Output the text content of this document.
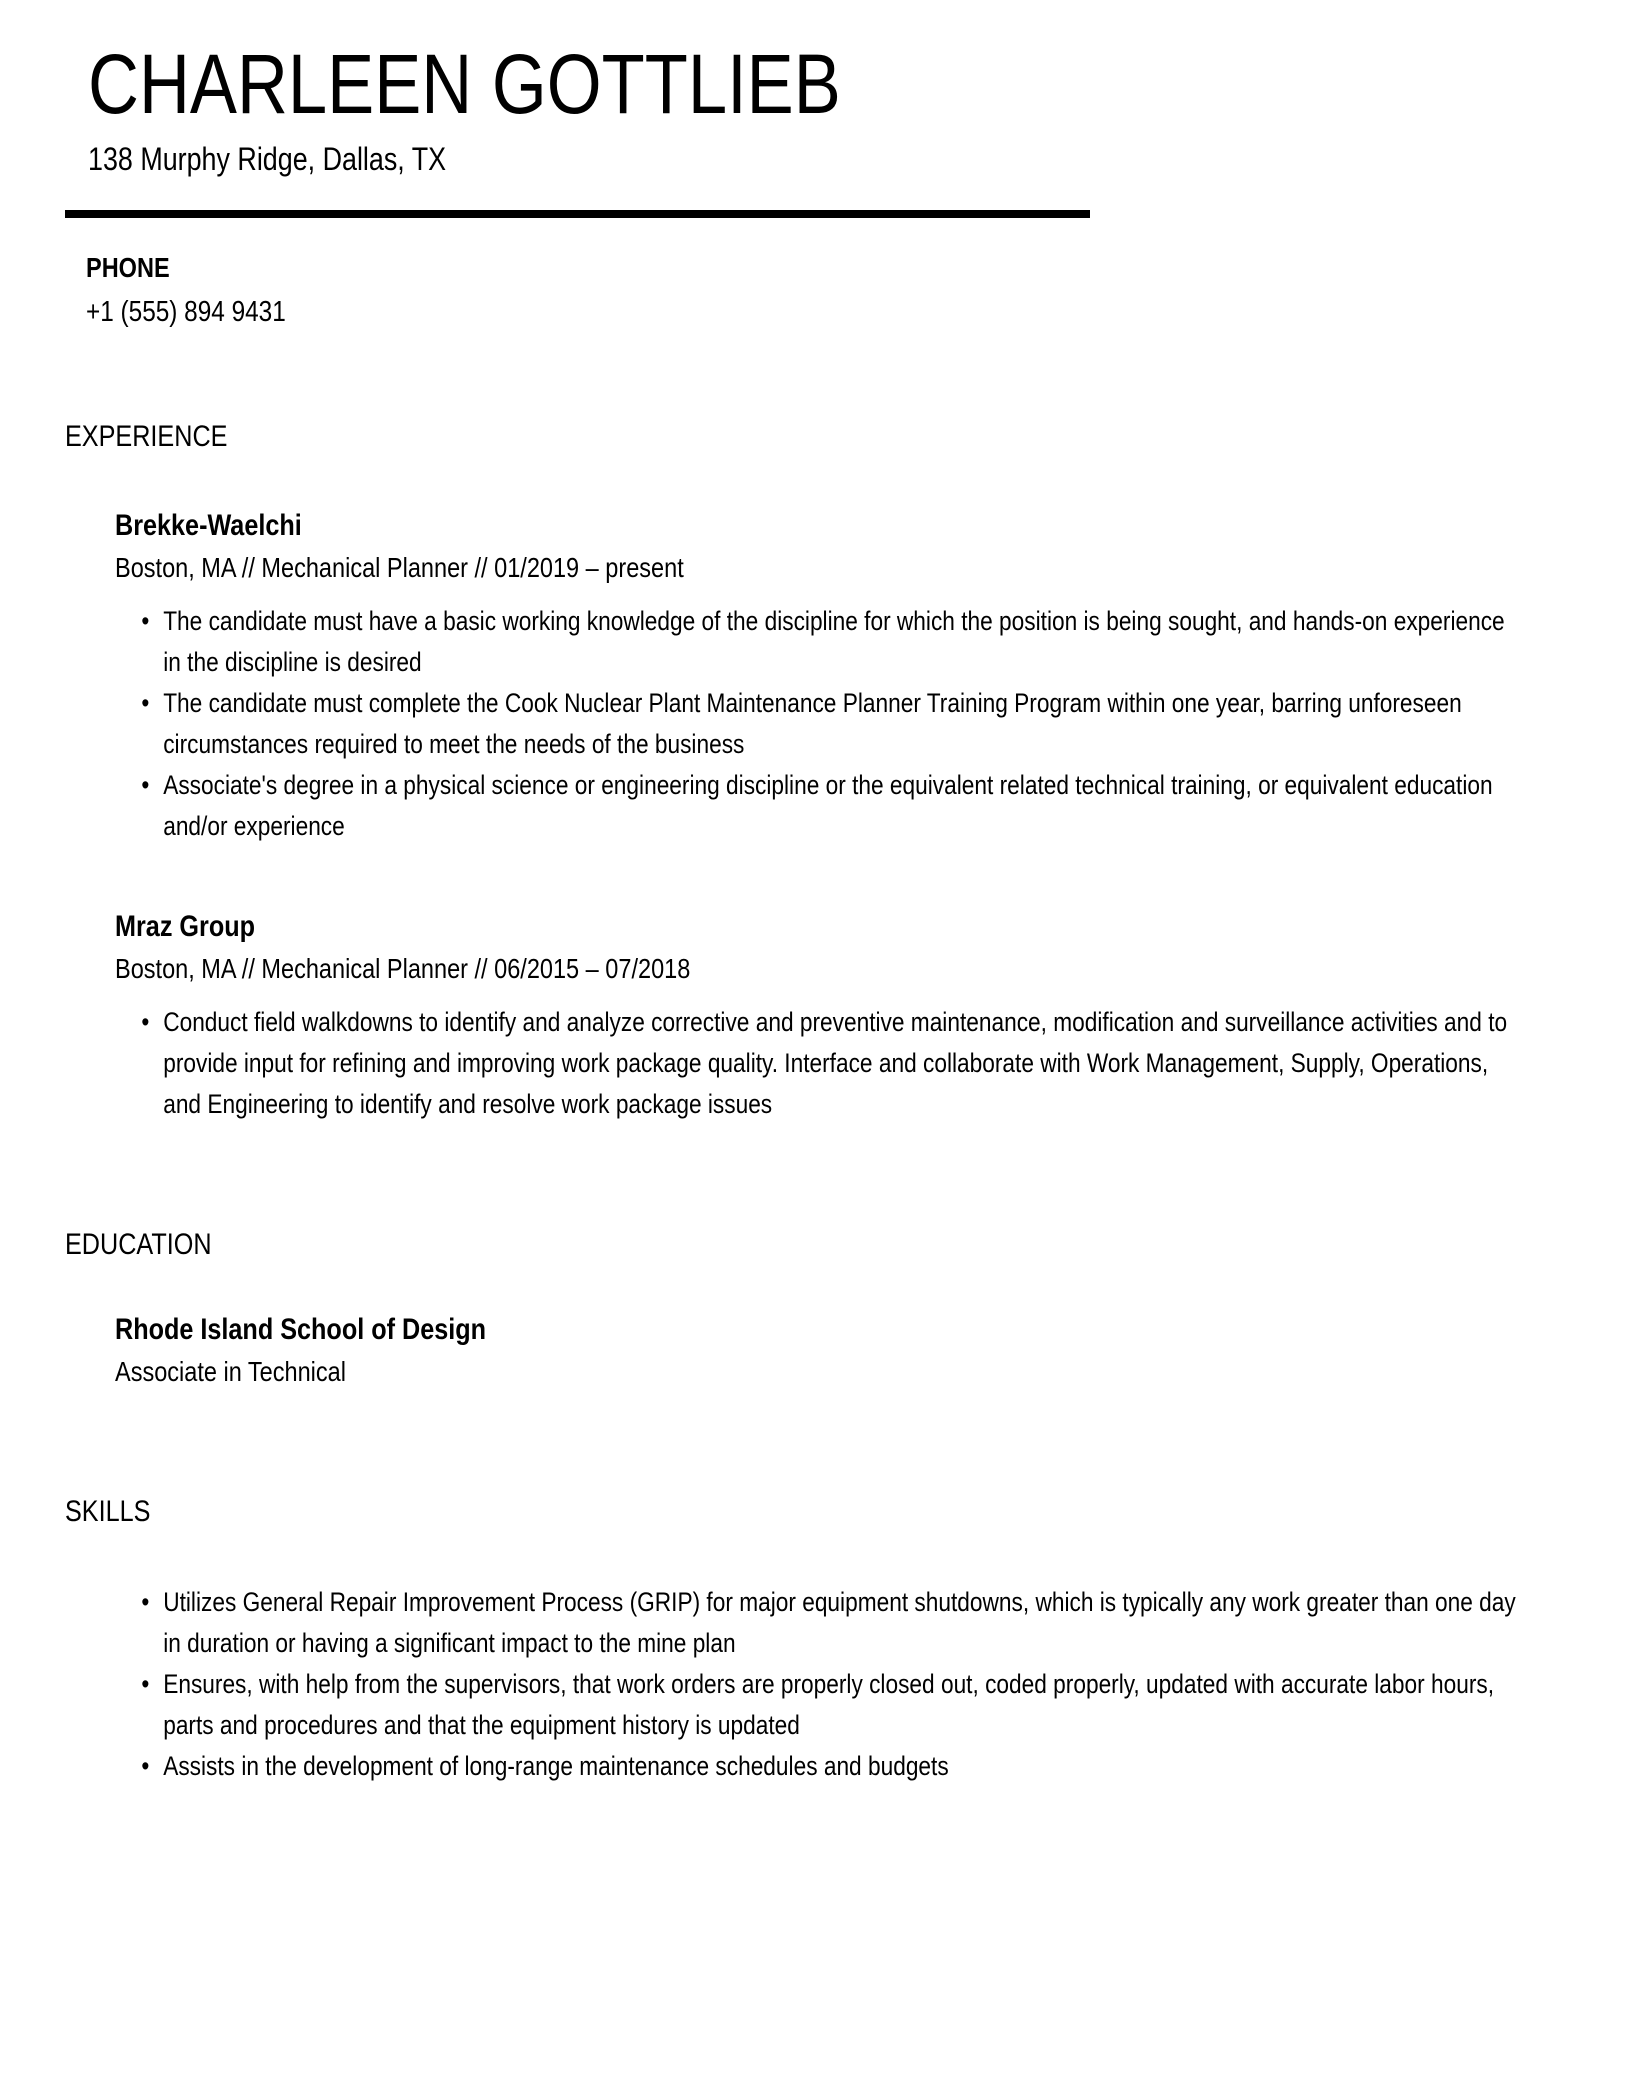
CHARLEEN GOTTLIEB

138 Murphy Ridge, Dallas, TX

PHONE

+1 (555) 894 9431

EXPERIENCE
Brekke-Waelchi

Boston, MA // Mechanical Planner // 01/2019 – present

• The candidate must have a basic working knowledge of the discipline for which the position is being sought, and hands-on experience in the discipline is desired
• The candidate must complete the Cook Nuclear Plant Maintenance Planner Training Program within one year, barring unforeseen circumstances required to meet the needs of the business
• Associate's degree in a physical science or engineering discipline or the equivalent related technical training, or equivalent education and/or experience
Mraz Group

Boston, MA // Mechanical Planner // 06/2015 – 07/2018

• Conduct field walkdowns to identify and analyze corrective and preventive maintenance, modification and surveillance activities and to provide input for refining and improving work package quality. Interface and collaborate with Work Management, Supply, Operations, and Engineering to identify and resolve work package issues
EDUCATION
Rhode Island School of Design

Associate in Technical

SKILLS
• Utilizes General Repair Improvement Process (GRIP) for major equipment shutdowns, which is typically any work greater than one day in duration or having a significant impact to the mine plan
• Ensures, with help from the supervisors, that work orders are properly closed out, coded properly, updated with accurate labor hours, parts and procedures and that the equipment history is updated
• Assists in the development of long-range maintenance schedules and budgets
